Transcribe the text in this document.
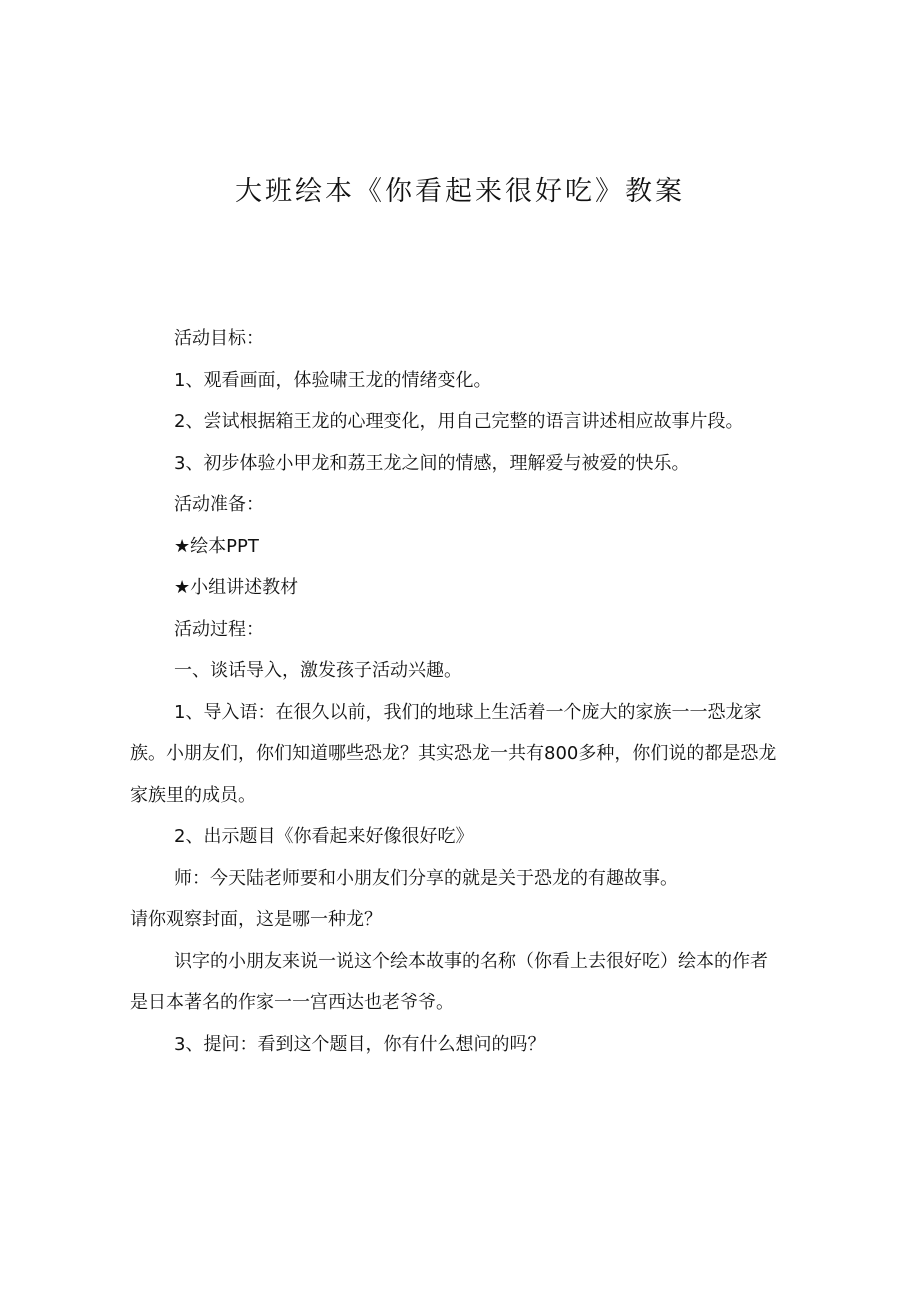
大班绘本《你看起来很好吃》教案

活动目标：

1、观看画面，体验啸王龙的情绪变化。

2、尝试根据箱王龙的心理变化，用自己完整的语言讲述相应故事片段。

3、初步体验小甲龙和荔王龙之间的情感，理解爱与被爱的快乐。

活动准备：

★绘本PPT

★小组讲述教材

活动过程：

一、谈话导入，激发孩子活动兴趣。

1、导入语：在很久以前，我们的地球上生活着一个庞大的家族一一恐龙家族。小朋友们，你们知道哪些恐龙？其实恐龙一共有800多种，你们说的都是恐龙家族里的成员。

2、出示题目《你看起来好像很好吃》

师：今天陆老师要和小朋友们分享的就是关于恐龙的有趣故事。

请你观察封面，这是哪一种龙？

识字的小朋友来说一说这个绘本故事的名称（你看上去很好吃）绘本的作者是日本著名的作家一一宫西达也老爷爷。

3、提问：看到这个题目，你有什么想问的吗？
